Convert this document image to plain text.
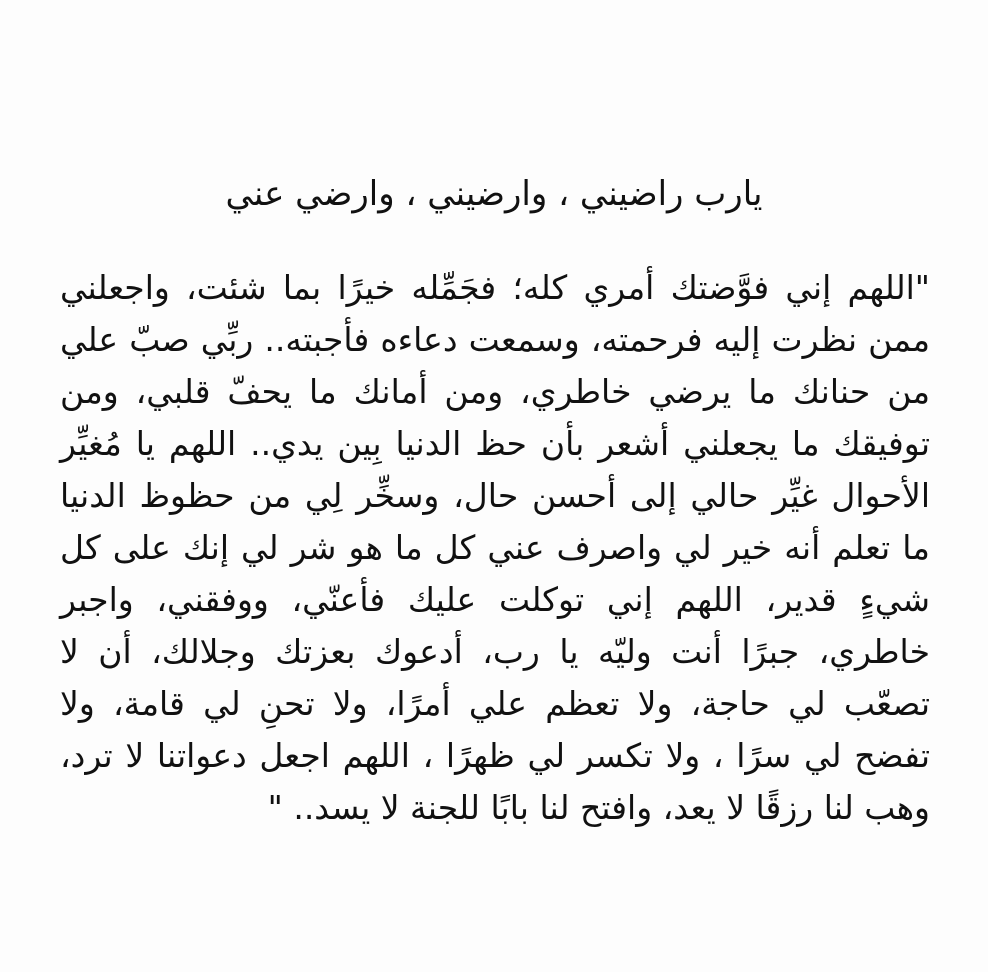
يارب راضيني ، وارضيني ، وارضي عني
"اللهم إني فوَّضتك أمري كله؛ فجَمِّله خيرًا بما شئت، واجعلني
ممن نظرت إليه فرحمته، وسمعت دعاءه فأجبته.. ربِّي صبّ علي
من حنانك ما يرضي خاطري، ومن أمانك ما يحفّ قلبي، ومن
توفيقك ما يجعلني أشعر بأن حظ الدنيا بِين يدي.. اللهم يا مُغيِّر
الأحوال غيِّر حالي إلى أحسن حال، وسخِّر لِي من حظوظ الدنيا
ما تعلم أنه خير لي واصرف عني كل ما هو شر لي إنك على كل
شيءٍ قدير، اللهم إني توكلت عليك فأعنّي، ووفقني، واجبر
خاطري، جبرًا أنت وليّه يا رب، أدعوك بعزتك وجلالك، أن لا
تصعّب لي حاجة، ولا تعظم علي أمرًا، ولا تحنِ لي قامة، ولا
تفضح لي سرًا ، ولا تكسر لي ظهرًا ، اللهم اجعل دعواتنا لا ترد،
وهب لنا رزقًا لا يعد، وافتح لنا بابًا للجنة لا يسد.. "
